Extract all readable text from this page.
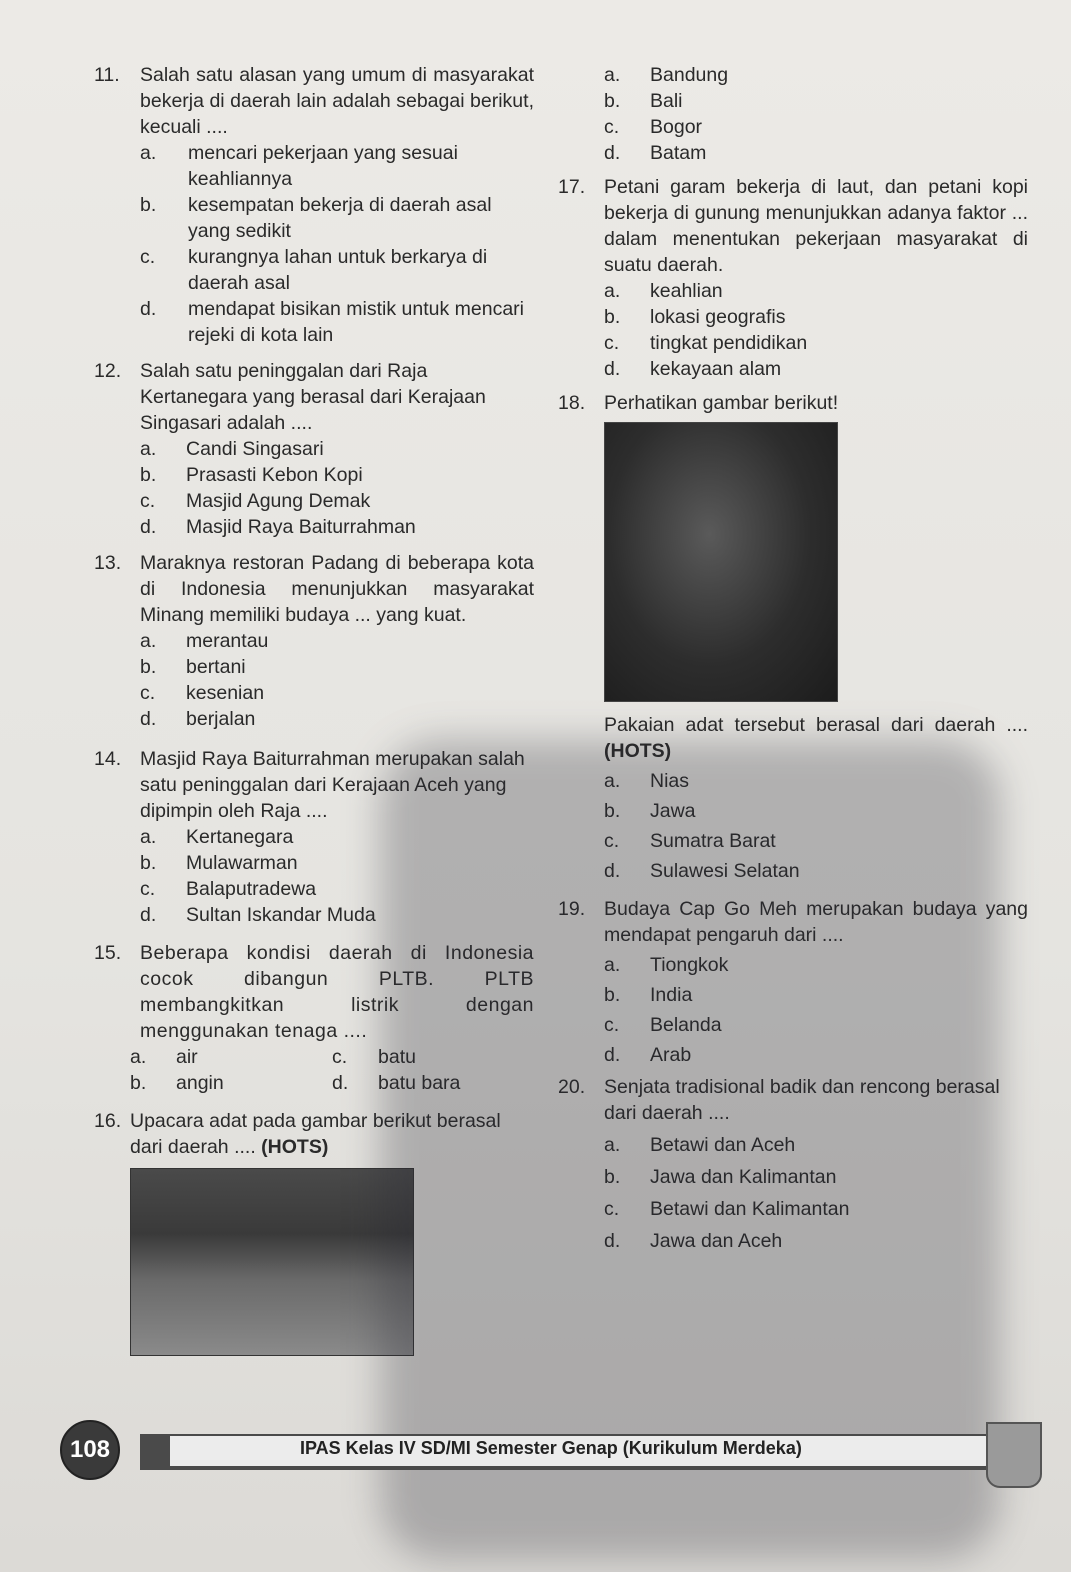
11. Salah satu alasan yang umum di masyarakat bekerja di daerah lain adalah sebagai berikut, kecuali ....
a. mencari pekerjaan yang sesuai keahliannya
b. kesempatan bekerja di daerah asal yang sedikit
c. kurangnya lahan untuk berkarya di daerah asal
d. mendapat bisikan mistik untuk mencari rejeki di kota lain
12. Salah satu peninggalan dari Raja Kertanegara yang berasal dari Kerajaan Singasari adalah ....
a. Candi Singasari
b. Prasasti Kebon Kopi
c. Masjid Agung Demak
d. Masjid Raya Baiturrahman
13. Maraknya restoran Padang di beberapa kota di Indonesia menunjukkan masyarakat Minang memiliki budaya ... yang kuat.
a. merantau
b. bertani
c. kesenian
d. berjalan
14. Masjid Raya Baiturrahman merupakan salah satu peninggalan dari Kerajaan Aceh yang dipimpin oleh Raja ....
a. Kertanegara
b. Mulawarman
c. Balaputradewa
d. Sultan Iskandar Muda
15. Beberapa kondisi daerah di Indonesia cocok dibangun PLTB. PLTB membangkitkan listrik dengan menggunakan tenaga ....
a. air	c. batu
b. angin	d. batu bara
16. Upacara adat pada gambar berikut berasal dari daerah .... (HOTS)
a. Bandung
b. Bali
c. Bogor
d. Batam
17. Petani garam bekerja di laut, dan petani kopi bekerja di gunung menunjukkan adanya faktor ... dalam menentukan pekerjaan masyarakat di suatu daerah.
a. keahlian
b. lokasi geografis
c. tingkat pendidikan
d. kekayaan alam
18. Perhatikan gambar berikut!
Pakaian adat tersebut berasal dari daerah .... (HOTS)
a. Nias
b. Jawa
c. Sumatra Barat
d. Sulawesi Selatan
19. Budaya Cap Go Meh merupakan budaya yang mendapat pengaruh dari ....
a. Tiongkok
b. India
c. Belanda
d. Arab
20. Senjata tradisional badik dan rencong berasal dari daerah ....
a. Betawi dan Aceh
b. Jawa dan Kalimantan
c. Betawi dan Kalimantan
d. Jawa dan Aceh
108	IPAS Kelas IV SD/MI Semester Genap (Kurikulum Merdeka)
